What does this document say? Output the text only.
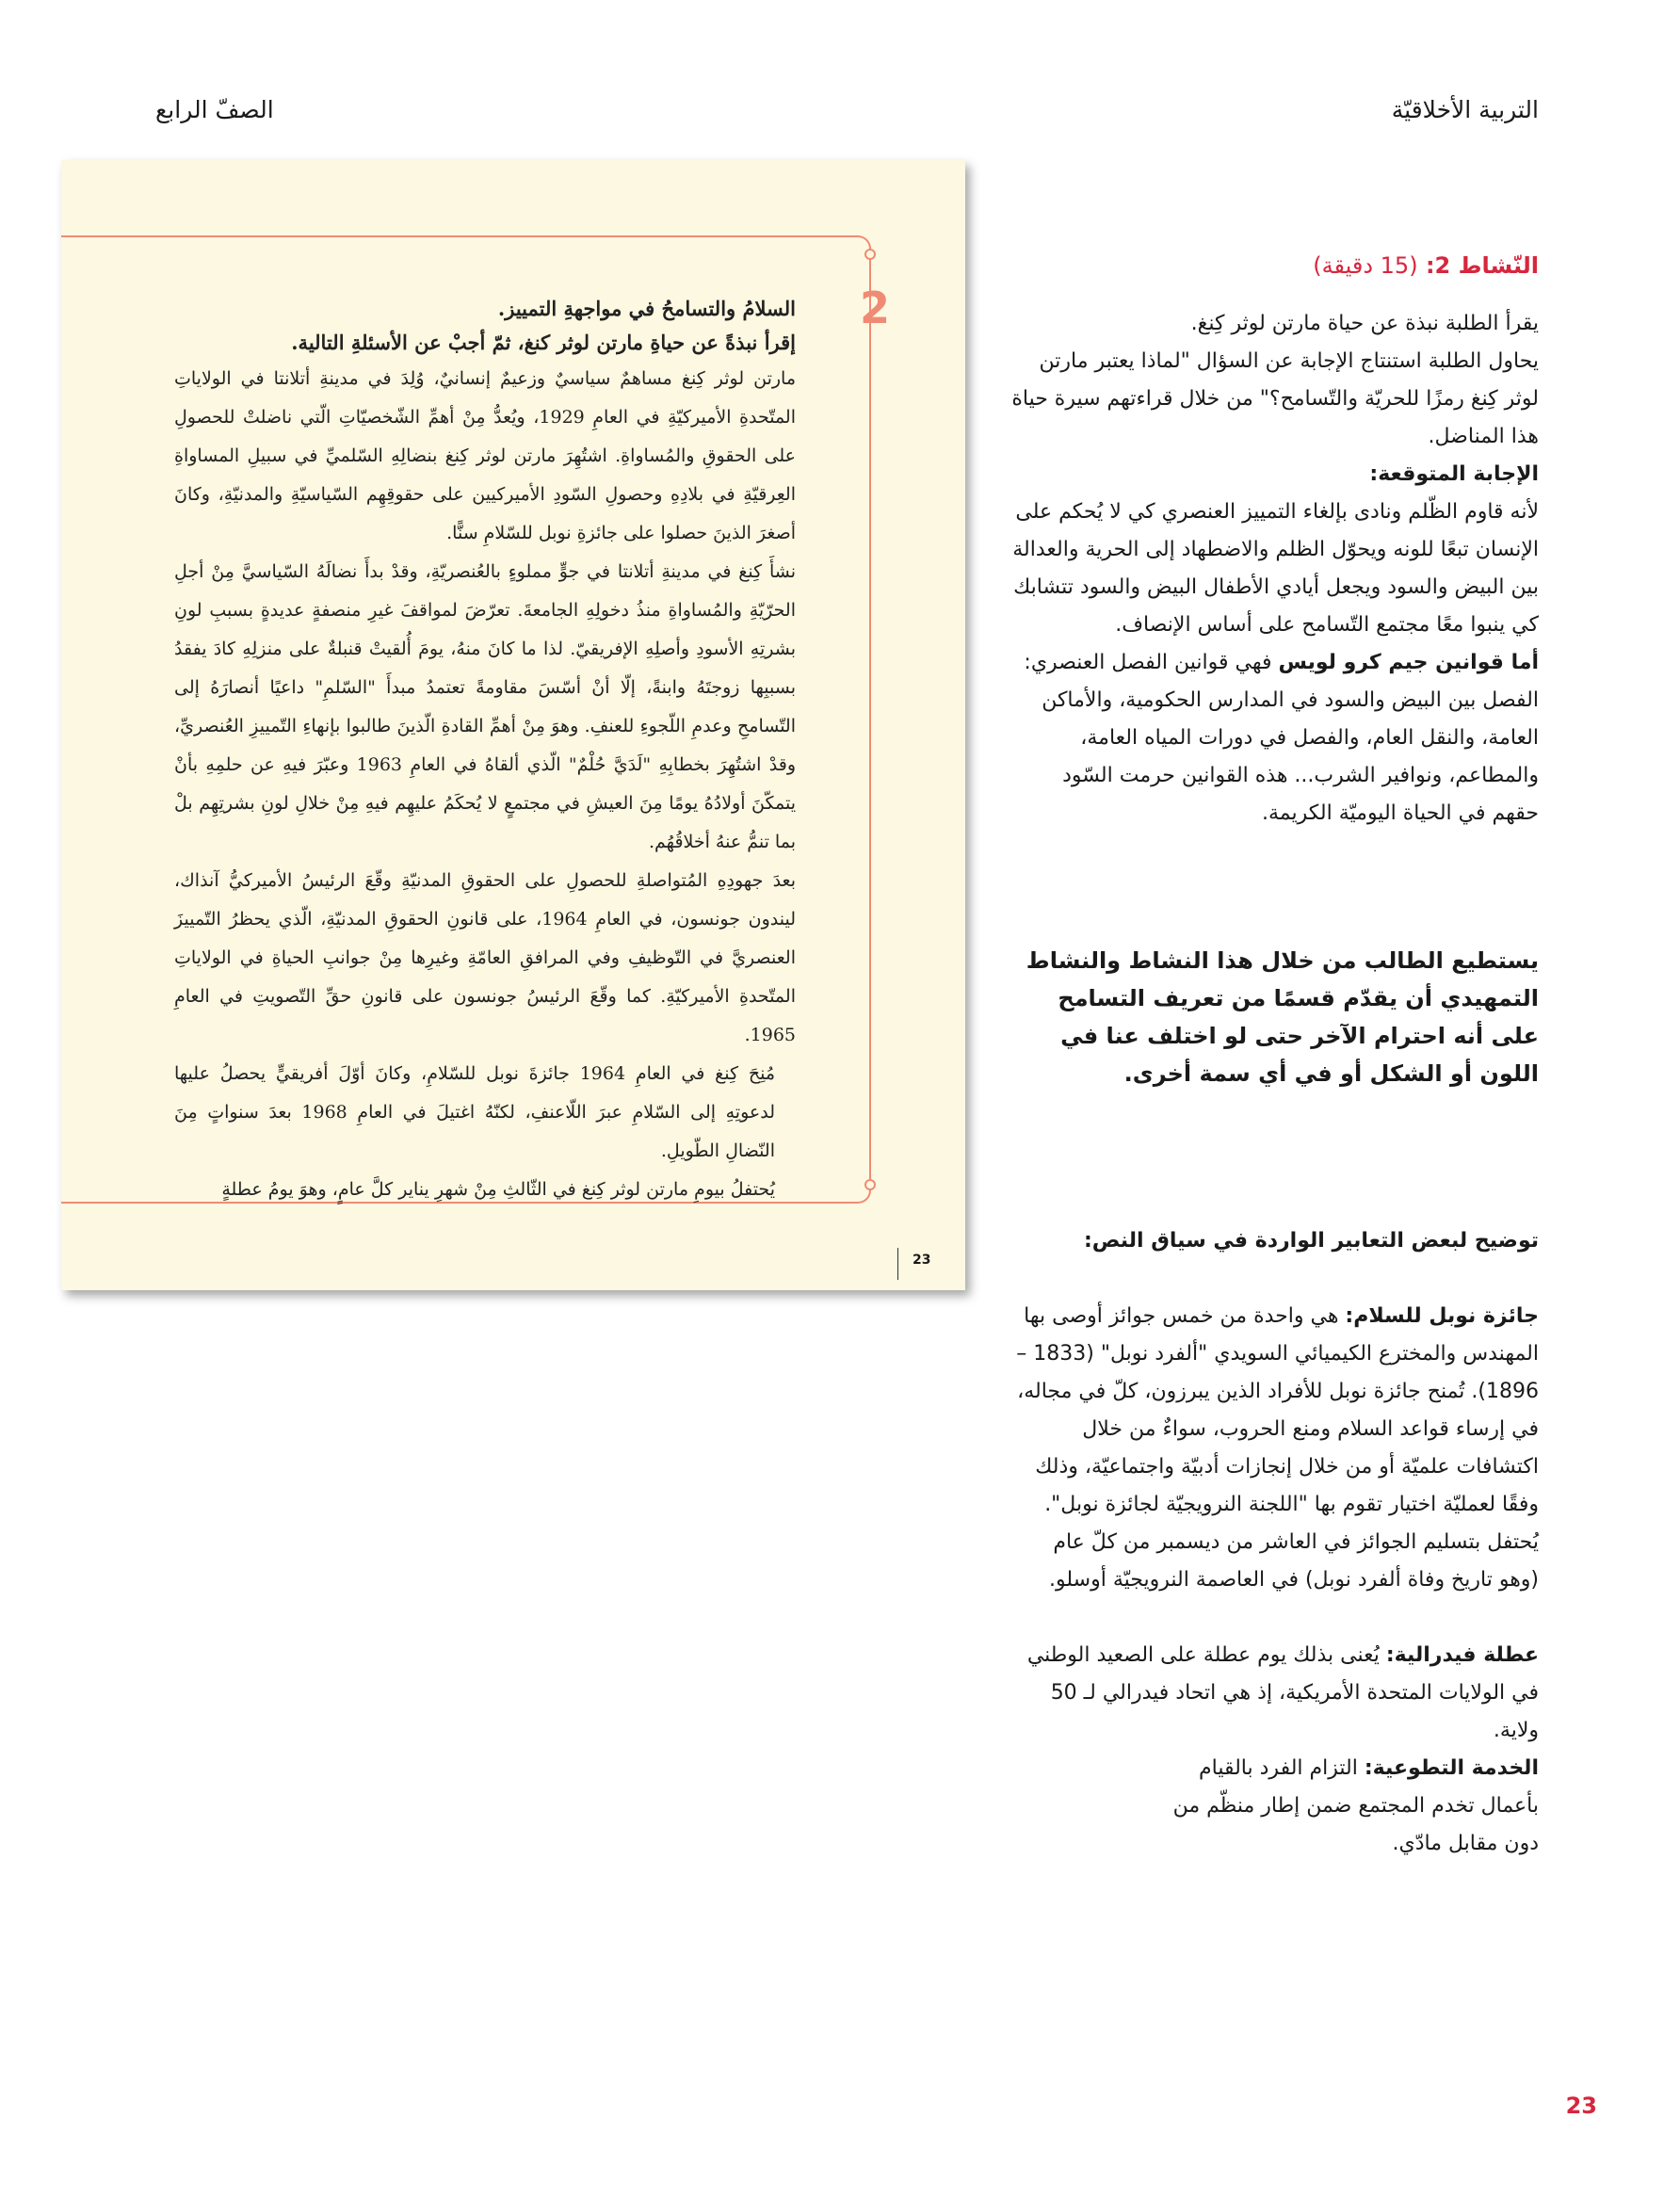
التربية الأخلاقيّة
الصفّ الرابع
2

السلامُ والتسامحُ في مواجهةِ التمييز.

إقرأ نبذةً عن حياةِ مارتن لوثر كنغ، ثمّ أجبْ عن الأسئلةِ التالية.

مارتن لوثر كِنغ مساهمٌ سياسيٌ وزعيمٌ إنسانيٌ، وُلِدَ في مدينةِ أتلانتا في الولاياتِ المتّحدةِ الأميركيّةِ في العامِ 1929، ويُعدُّ مِنْ أهمِّ الشّخصيّاتِ الّتي ناضلتْ للحصولِ على الحقوقِ والمُساواةِ. اشتُهِرَ مارتن لوثر كِنغ بنضالِهِ السّلميِّ في سبيلِ المساواةِ العِرقيّةِ في بلادِهِ وحصولِ السّودِ الأميركيين على حقوقِهِم السّياسيّةِ والمدنيّةِ، وكانَ أصغرَ الذينَ حصلوا على جائزةِ نوبل للسّلامِ سنًّا.

نشأَ كِنغ في مدينةِ أتلانتا في جوٍّ مملوءٍ بالعُنصريّةِ، وقدْ بدأَ نضالَهُ السّياسيَّ مِنْ أجلِ الحرّيّةِ والمُساواةِ منذُ دخولِهِ الجامعةَ. تعرّضَ لمواقفَ غيرِ منصفةٍ عديدةٍ بسببِ لونِ بشرتِهِ الأسودِ وأصلِهِ الإفريقيّ. لذا ما كانَ منهُ، يومَ أُلقيتْ قنبلةٌ على منزلِهِ كادَ يفقدُ بسببِها زوجتَهُ وابنةً، إلّا أنْ أسّسَ مقاومةً تعتمدُ مبدأَ "السّلمِ" داعيًا أنصارَهُ إلى التّسامحِ وعدمِ اللّجوءِ للعنفِ. وهوَ مِنْ أهمِّ القادةِ الّذينَ طالبوا بإنهاءِ التّمييزِ العُنصريِّ، وقدْ اشتُهِرَ بخطابِهِ "لَدَيَّ حُلْمٌ" الّذي ألقاهُ في العامِ 1963 وعبّرَ فيهِ عن حلمِهِ بأنْ يتمكّنَ أولادُهُ يومًا مِنَ العيشِ في مجتمعٍ لا يُحكَمُ عليهِم فيهِ مِنْ خلالِ لونِ بشرتِهِم بلْ بما تنمُّ عنهُ أخلاقُهُم.

بعدَ جهودِهِ المُتواصلةِ للحصولِ على الحقوقِ المدنيّةِ وقّعَ الرئيسُ الأميركيُّ آنذاك، ليندون جونسون، في العامِ 1964، على قانونِ الحقوقِ المدنيّةِ، الّذي يحظرُ التّمييزَ العنصريَّ في التّوظيفِ وفي المرافقِ العامّةِ وغيرِها مِنْ جوانبِ الحياةِ في الولاياتِ المتّحدةِ الأميركيّةِ. كما وقّعَ الرئيسُ جونسون على قانونِ حقِّ التّصويتِ في العامِ 1965.

مُنِحَ كِنغ في العامِ 1964 جائزةَ نوبل للسّلامِ، وكانَ أوّلَ أفريقيٍّ يحصلُ عليها لدعوتِهِ إلى السّلامِ عبرَ اللّاعنفِ، لكنّهُ اغتيلَ في العامِ 1968 بعدَ سنواتٍ مِنَ النّضالِ الطّويلِ.

يُحتفلُ بيومِ مارتن لوثر كِنغ في الثّالثِ مِنْ شهرِ يناير كلَّ عامٍ، وهوَ يومُ عطلةٍ

23

النّشاط 2: (15 دقيقة)

يقرأ الطلبة نبذة عن حياة مارتن لوثر كِنغ.

يحاول الطلبة استنتاج الإجابة عن السؤال "لماذا يعتبر مارتن لوثر كِنغ رمزًا للحريّة والتّسامح؟" من خلال قراءتهم سيرة حياة هذا المناضل.

الإجابة المتوقعة:

لأنه قاوم الظّلم ونادى بإلغاء التمييز العنصري كي لا يُحكم على الإنسان تبعًا للونه ويحوّل الظلم والاضطهاد إلى الحرية والعدالة بين البيض والسود ويجعل أيادي الأطفال البيض والسود تتشابك كي ينبوا معًا مجتمع التّسامح على أساس الإنصاف.

أما قوانين جيم كرو لويس فهي قوانين الفصل العنصري: الفصل بين البيض والسود في المدارس الحكومية، والأماكن العامة، والنقل العام، والفصل في دورات المياه العامة، والمطاعم، ونوافير الشرب... هذه القوانين حرمت السّود حقهم في الحياة اليوميّة الكريمة.

يستطيع الطالب من خلال هذا النشاط والنشاط التمهيدي أن يقدّم قسمًا من تعريف التسامح على أنه احترام الآخر حتى لو اختلف عنا في اللون أو الشكل أو في أي سمة أخرى.

توضيح لبعض التعابير الواردة في سياق النص:

جائزة نوبل للسلام: هي واحدة من خمس جوائز أوصى بها المهندس والمخترع الكيميائي السويدي "ألفرد نوبل" (1833 – 1896). تُمنح جائزة نوبل للأفراد الذين يبرزون، كلّ في مجاله، في إرساء قواعد السلام ومنع الحروب، سواءٌ من خلال اكتشافات علميّة أو من خلال إنجازات أدبيّة واجتماعيّة، وذلك وفقًا لعمليّة اختيار تقوم بها "اللجنة النرويجيّة لجائزة نوبل". يُحتفل بتسليم الجوائز في العاشر من ديسمبر من كلّ عام (وهو تاريخ وفاة ألفرد نوبل) في العاصمة النرويجيّة أوسلو.

عطلة فيدرالية: يُعنى بذلك يوم عطلة على الصعيد الوطني في الولايات المتحدة الأمريكية، إذ هي اتحاد فيدرالي لـ 50 ولاية.

الخدمة التطوعية: التزام الفرد بالقيام بأعمال تخدم المجتمع ضمن إطار منظّم من دون مقابل مادّي.

23
